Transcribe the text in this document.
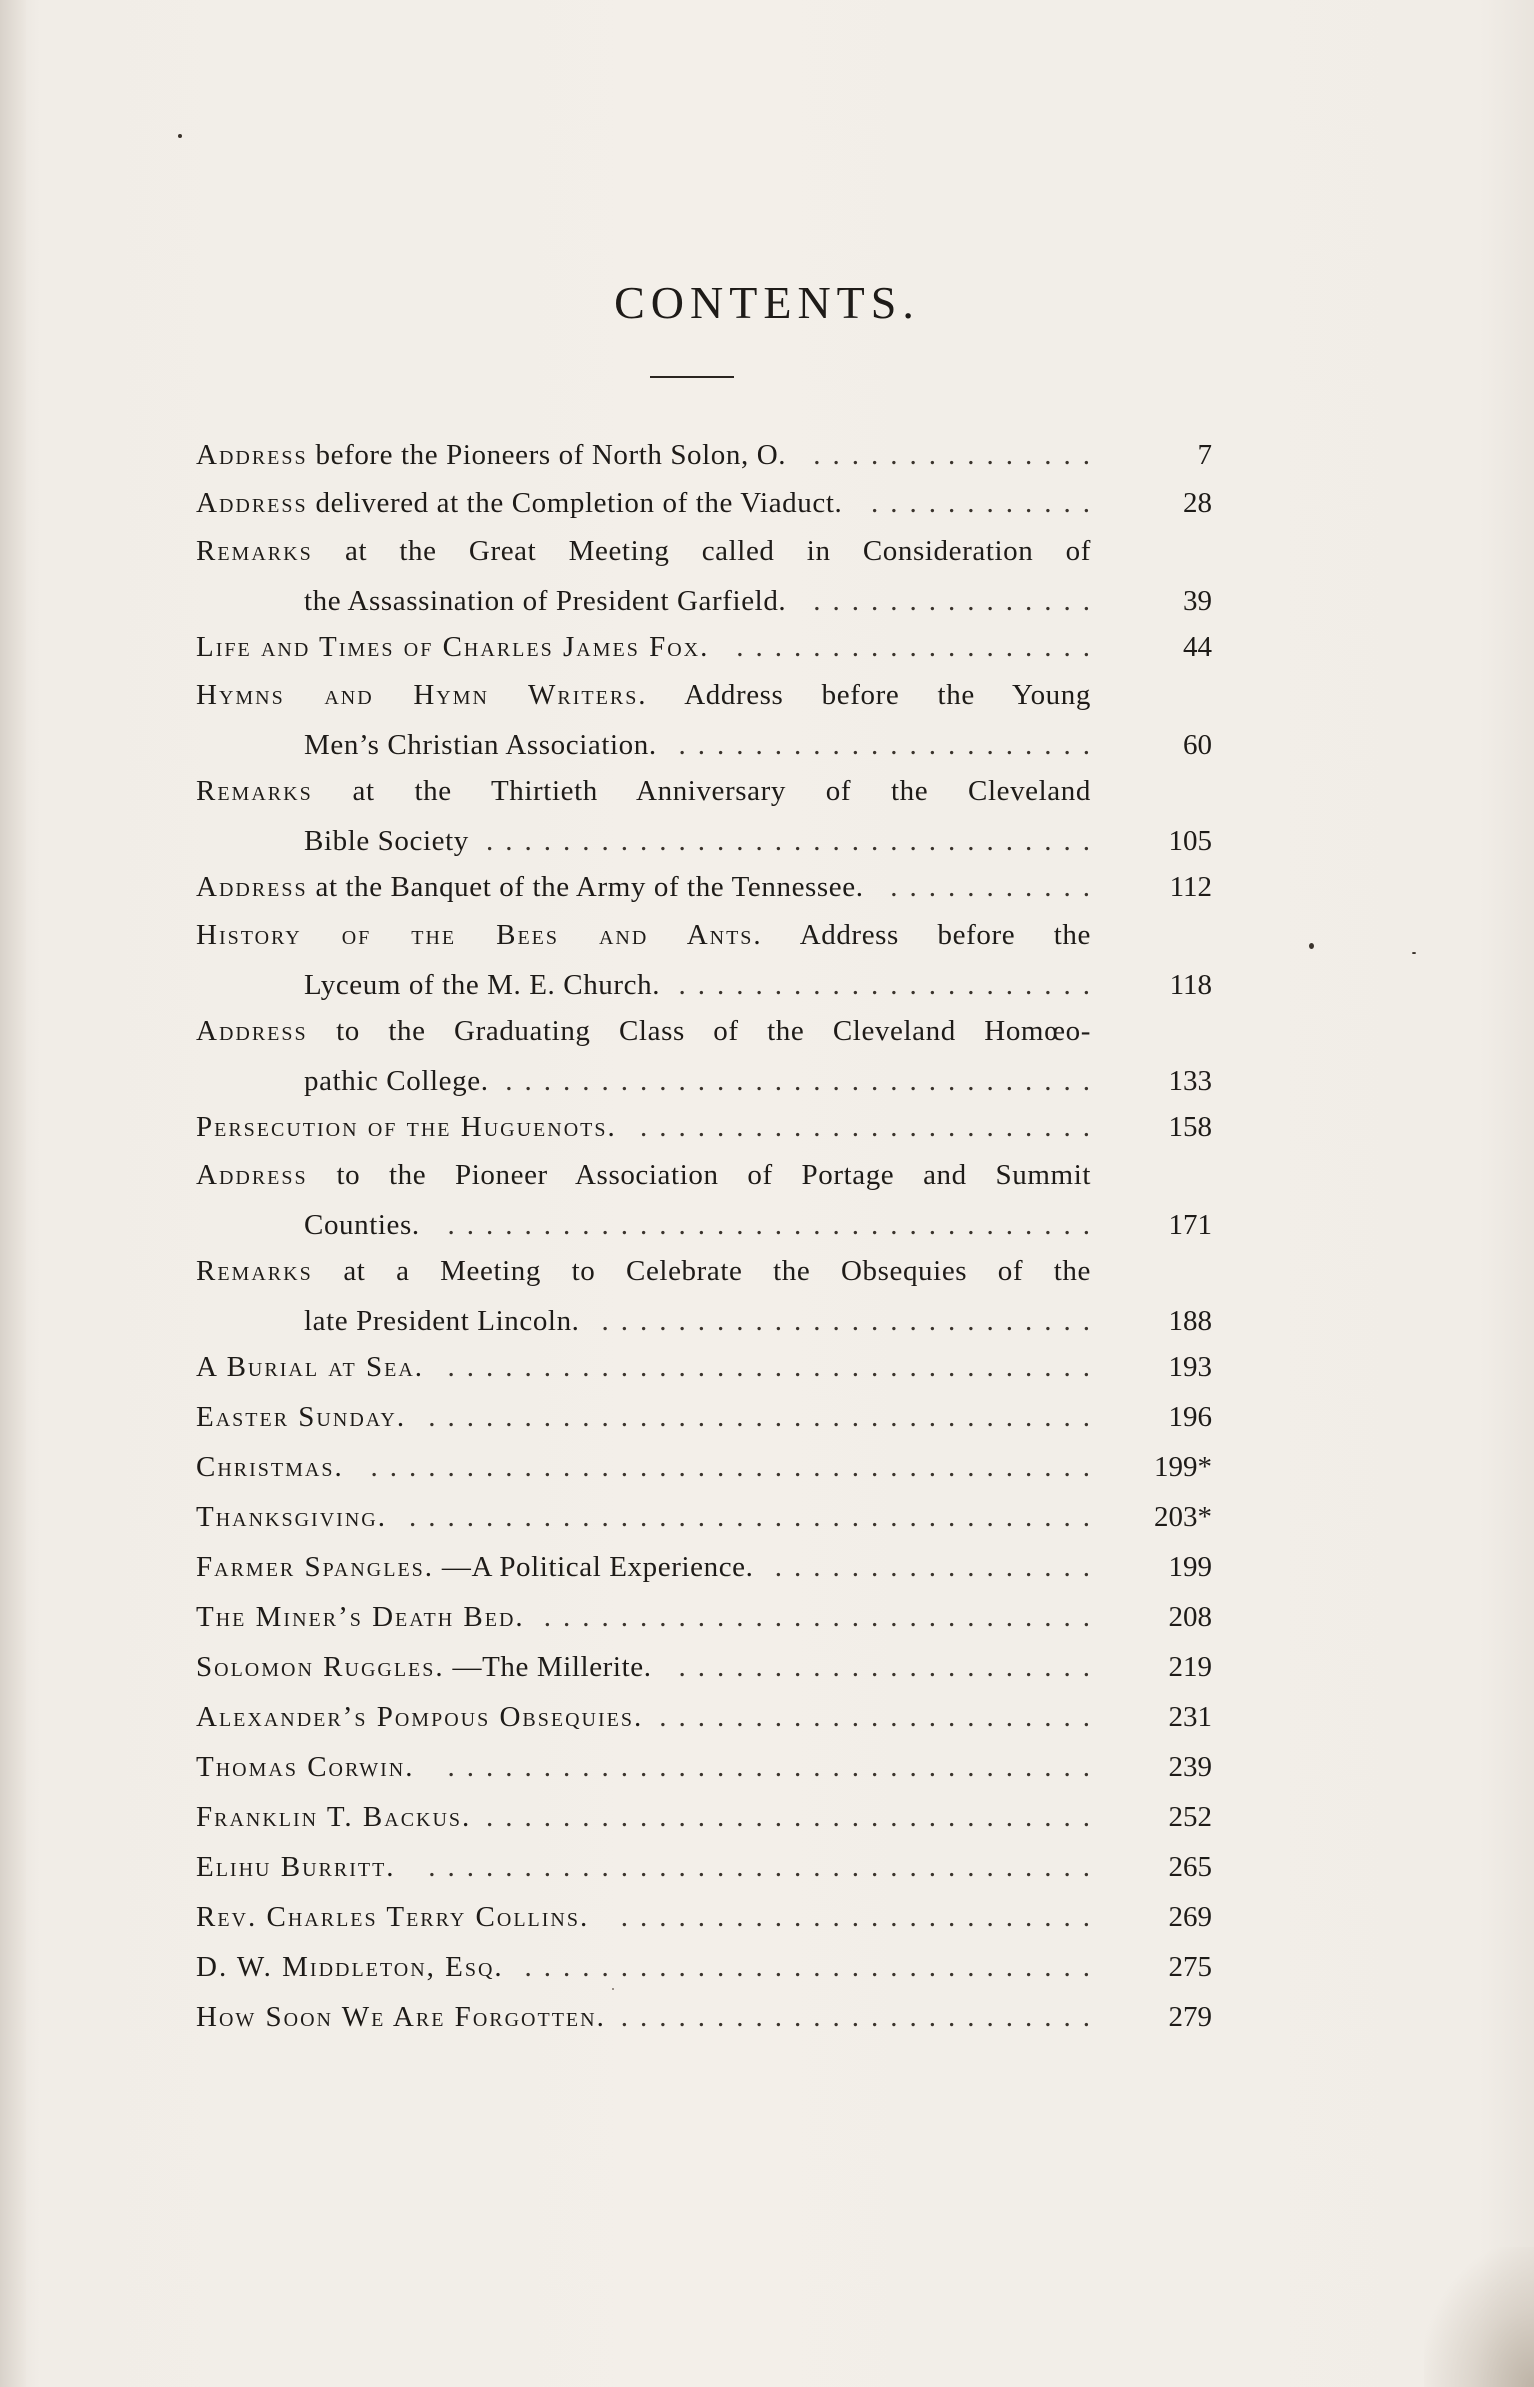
CONTENTS.
Address before the Pioneers of North Solon, O. ...............	7
Address delivered at the Completion of the Viaduct. ............	28
Remarks at the Great Meeting called in Consideration of
the Assassination of President Garfield. ...............	39
Life and Times of Charles James Fox. ...................	44
Hymns and Hymn Writers. Address before the Young
Men’s Christian Association. ......................	60
Remarks at the Thirtieth Anniversary of the Cleveland
Bible Society ................................	105
Address at the Banquet of the Army of the Tennessee. ...........	112
History of the Bees and Ants. Address before the
Lyceum of the M. E. Church. ......................	118
Address to the Graduating Class of the Cleveland Homœo-
pathic College. ...............................	133
Persecution of the Huguenots. ........................	158
Address to the Pioneer Association of Portage and Summit
Counties. ..................................	171
Remarks at a Meeting to Celebrate the Obsequies of the
late President Lincoln. ..........................	188
A Burial at Sea. ..................................	193
Easter Sunday. ...................................	196
Christmas. ......................................	199*
Thanksgiving. ....................................	203*
Farmer Spangles. —A Political Experience. .................	199
The Miner’s Death Bed. .............................	208
Solomon Ruggles. —The Millerite. ......................	219
Alexander’s Pompous Obsequies. .......................	231
Thomas Corwin. ..................................	239
Franklin T. Backus. ................................	252
Elihu Burritt. ...................................	265
Rev. Charles Terry Collins. .........................	269
D. W. Middleton, Esq. ..............................	275
How Soon We Are Forgotten. .........................	279
